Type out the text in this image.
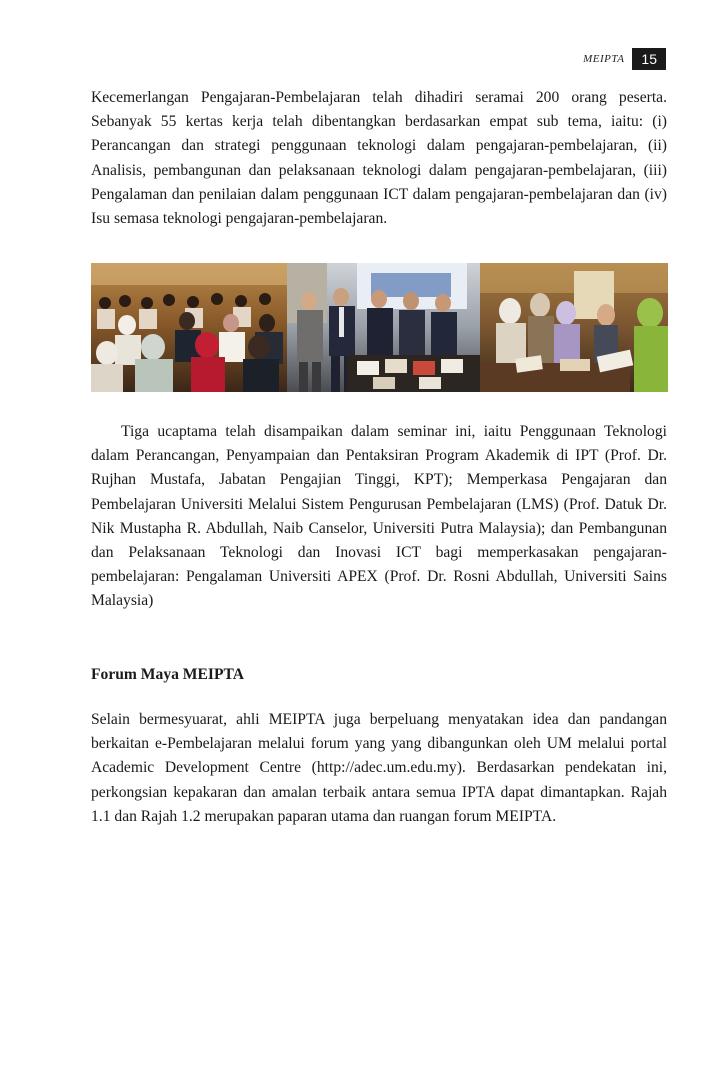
MEIPTA	15

Kecemerlangan Pengajaran-Pembelajaran telah dihadiri seramai 200 orang peserta. Sebanyak 55 kertas kerja telah dibentangkan berdasarkan empat sub tema, iaitu: (i) Perancangan dan strategi penggunaan teknologi dalam pengajaran-pembelajaran, (ii) Analisis, pembangunan dan pelaksanaan teknologi dalam pengajaran-pembelajaran, (iii) Pengalaman dan penilaian dalam penggunaan ICT dalam pengajaran-pembelajaran dan (iv) Isu semasa teknologi pengajaran-pembelajaran.

Tiga ucaptama telah disampaikan dalam seminar ini, iaitu Penggunaan Teknologi dalam Perancangan, Penyampaian dan Pentaksiran Program Akademik di IPT (Prof. Dr. Rujhan Mustafa, Jabatan Pengajian Tinggi, KPT); Memperkasa Pengajaran dan Pembelajaran Universiti Melalui Sistem Pengurusan Pembelajaran (LMS) (Prof. Datuk Dr. Nik Mustapha R. Abdullah, Naib Canselor, Universiti Putra Malaysia); dan Pembangunan dan Pelaksanaan Teknologi dan Inovasi ICT bagi memperkasakan pengajaran-pembelajaran: Pengalaman Universiti APEX (Prof. Dr. Rosni Abdullah, Universiti Sains Malaysia)

Forum Maya MEIPTA

Selain bermesyuarat, ahli MEIPTA juga berpeluang menyatakan idea dan pandangan berkaitan e-Pembelajaran melalui forum yang yang dibangunkan oleh UM melalui portal Academic Development Centre (http://adec.um.edu.my). Berdasarkan pendekatan ini, perkongsian kepakaran dan amalan terbaik antara semua IPTA dapat dimantapkan. Rajah 1.1 dan Rajah 1.2 merupakan paparan utama dan ruangan forum MEIPTA.
